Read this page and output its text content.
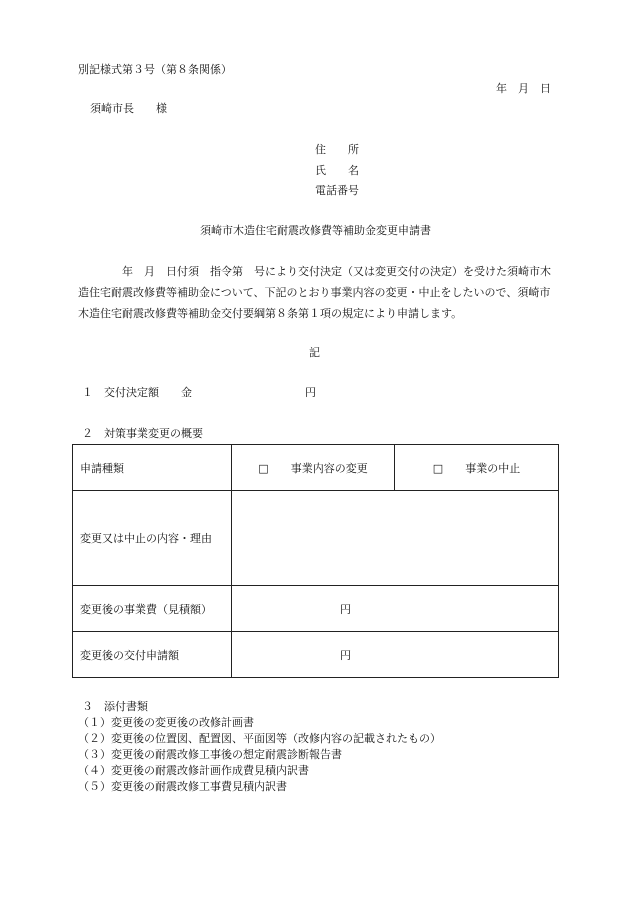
別記様式第３号（第８条関係）
年　月　日
須崎市長　　様
住　　所
氏　　名
電話番号
須崎市木造住宅耐震改修費等補助金変更申請書
年　月　日付須　指令第　号により交付決定（又は変更交付の決定）を受けた須崎市木造住宅耐震改修費等補助金について、下記のとおり事業内容の変更・中止をしたいので、須崎市木造住宅耐震改修費等補助金交付要綱第８条第１項の規定により申請します。
記
１　交付決定額 金	円
２　対策事業変更の概要
申請種類	□　　事業内容の変更	□　　事業の中止
変更又は中止の内容・理由		
変更後の事業費（見積額）	円	
変更後の交付申請額	円	
３　添付書類
（１）変更後の変更後の改修計画書
（２）変更後の位置図、配置図、平面図等（改修内容の記載されたもの）
（３）変更後の耐震改修工事後の想定耐震診断報告書
（４）変更後の耐震改修計画作成費見積内訳書
（５）変更後の耐震改修工事費見積内訳書
